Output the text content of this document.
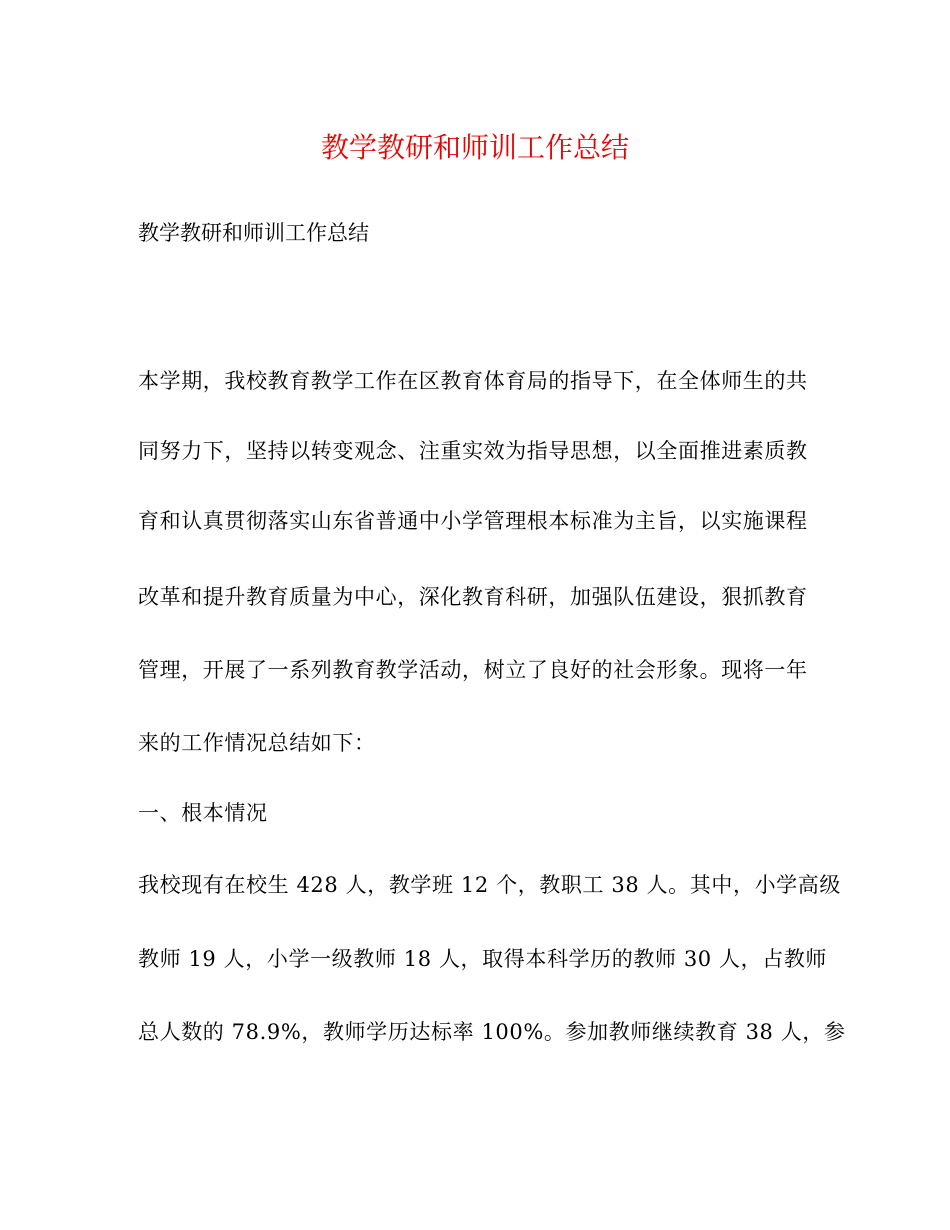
教学教研和师训工作总结

教学教研和师训工作总结

本学期，我校教育教学工作在区教育体育局的指导下，在全体师生的共

同努力下，坚持以转变观念、注重实效为指导思想，以全面推进素质教

育和认真贯彻落实山东省普通中小学管理根本标准为主旨，以实施课程

改革和提升教育质量为中心，深化教育科研，加强队伍建设，狠抓教育

管理，开展了一系列教育教学活动，树立了良好的社会形象。现将一年

来的工作情况总结如下：

一、根本情况

我校现有在校生 428 人，教学班 12 个，教职工 38 人。其中，小学高级

教师 19 人，小学一级教师 18 人，取得本科学历的教师 30 人，占教师

总人数的 78.9%，教师学历达标率 100%。参加教师继续教育 38 人，参
